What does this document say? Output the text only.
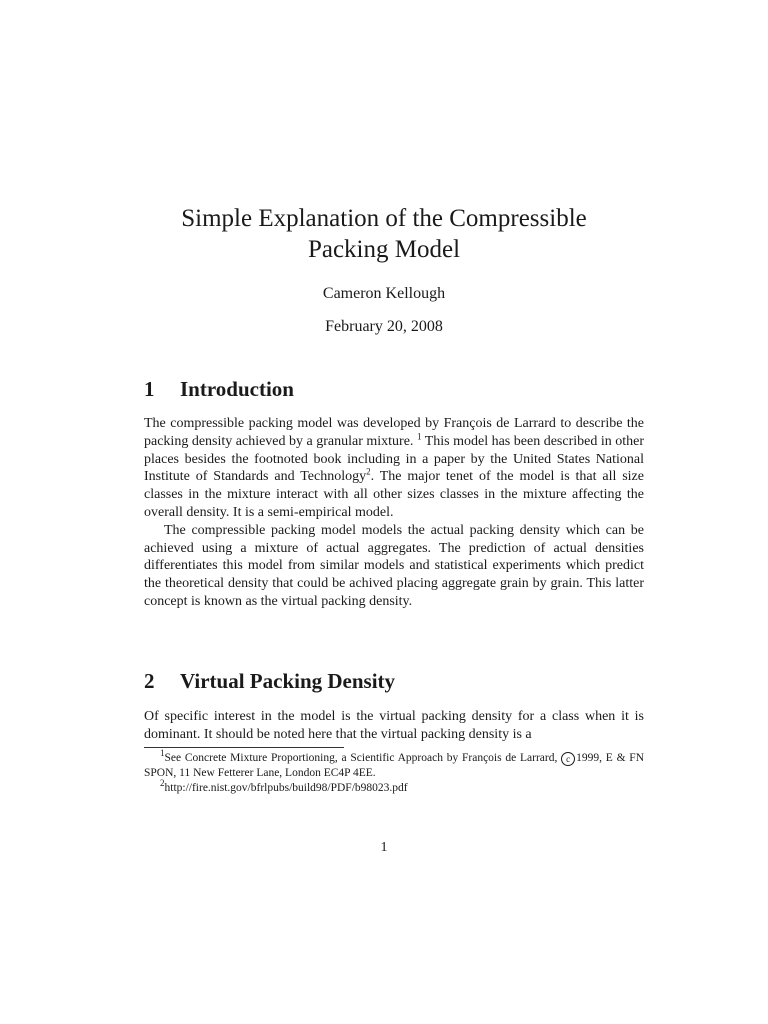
Simple Explanation of the Compressible
Packing Model
Cameron Kellough
February 20, 2008
1 Introduction

The compressible packing model was developed by François de Larrard to describe the packing density achieved by a granular mixture. $^1$ This model has been described in other places besides the footnoted book including in a paper by the United States National Institute of Standards and Technology$^2$. The major tenet of the model is that all size classes in the mixture interact with all other sizes classes in the mixture affecting the overall density. It is a semi-empirical model.

The compressible packing model models the actual packing density which can be achieved using a mixture of actual aggregates. The prediction of actual densities differentiates this model from similar models and statistical experiments which predict the theoretical density that could be achived placing aggregate grain by grain. This latter concept is known as the virtual packing density.

2 Virtual Packing Density

Of specific interest in the model is the virtual packing density for a class when it is dominant. It should be noted here that the virtual packing density is a

$^1$See Concrete Mixture Proportioning, a Scientific Approach by François de Larrard, c 1999, E & FN SPON, 11 New Fetterer Lane, London EC4P 4EE.

$^2$http://fire.nist.gov/bfrlpubs/build98/PDF/b98023.pdf

1
